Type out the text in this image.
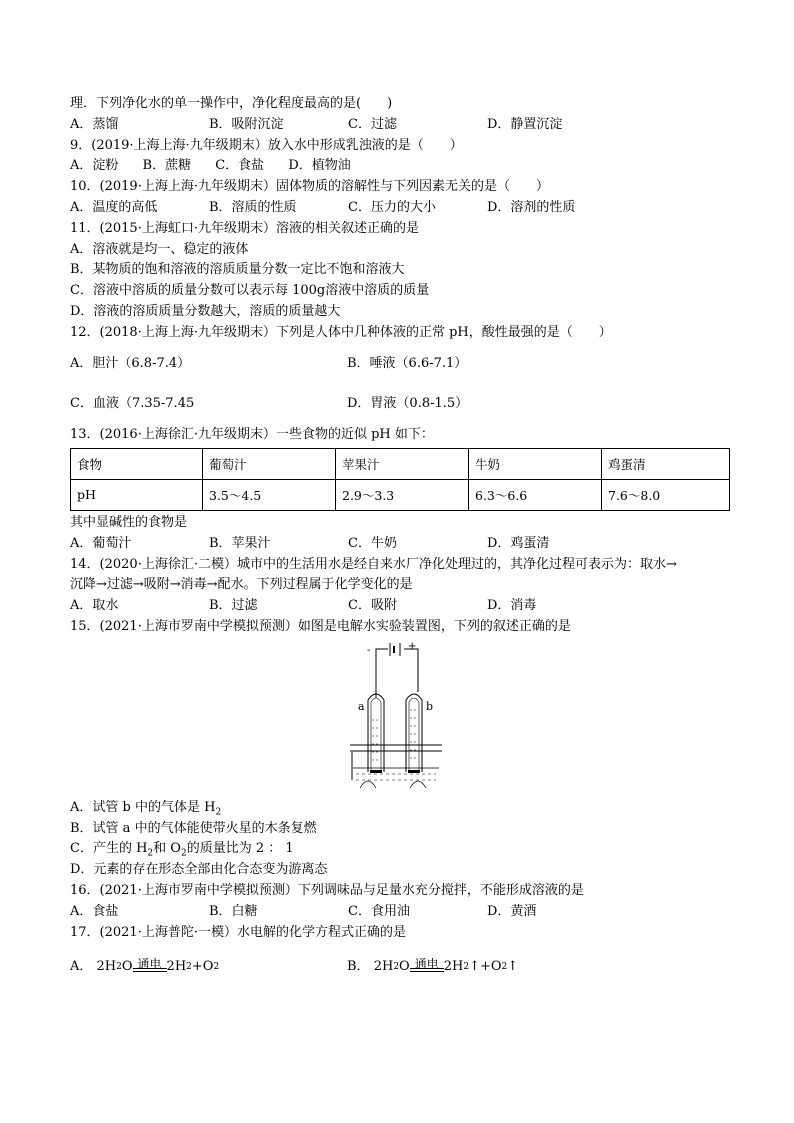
理．下列净化水的单一操作中，净化程度最高的是(　　)
A．蒸馏	B．吸附沉淀	C．过滤	D．静置沉淀
9．(2019·上海上海·九年级期末）放入水中形成乳浊液的是（　　）
A．淀粉 B．蔗糖 C．食盐 D．植物油
10．(2019·上海上海·九年级期末）固体物质的溶解性与下列因素无关的是（　　）
A．温度的高低	B．溶质的性质	C．压力的大小	D．溶剂的性质
11．(2015·上海虹口·九年级期末）溶液的相关叙述正确的是
A．溶液就是均一、稳定的液体
B．某物质的饱和溶液的溶质质量分数一定比不饱和溶液大
C．溶液中溶质的质量分数可以表示每 100g溶液中溶质的质量
D．溶液的溶质质量分数越大，溶质的质量越大
12．(2018·上海上海·九年级期末）下列是人体中几种体液的正常 pH，酸性最强的是（　　）
A．胆汁（6.8-7.4）	B．唾液（6.6-7.1）
C．血液（7.35-7.45	D．胃液（0.8-1.5）
13．(2016·上海徐汇·九年级期末）一些食物的近似 pH 如下：
食物	葡萄汁	苹果汁	牛奶	鸡蛋清
pH	3.5～4.5	2.9～3.3	6.3～6.6	7.6～8.0
其中显碱性的食物是
A．葡萄汁	B．苹果汁	C．牛奶	D．鸡蛋清
14．(2020·上海徐汇·二模）城市中的生活用水是经自来水厂净化处理过的，其净化过程可表示为：取水→
沉降→过滤→吸附→消毒→配水。下列过程属于化学变化的是
A．取水	B．过滤	C．吸附	D．消毒
15．(2021·上海市罗南中学模拟预测）如图是电解水实验装置图，下列的叙述正确的是
-	+
a	b
A．试管 b 中的气体是 $H_2$
B．试管 a 中的气体能使带火星的木条复燃
C．产生的 $H_2$和 $O_2$的质量比为 2 ： 1
D．元素的存在形态全部由化合态变为游离态
16．(2021·上海市罗南中学模拟预测）下列调味品与足量水充分搅拌，不能形成溶液的是
A．食盐	B．白糖	C．食用油	D．黄酒
17．(2021·上海普陀·一模）水电解的化学方程式正确的是
A．
2H 2 O 通电 2H 2 +O 2	B．
2H 2 O 通电 2H 2 ↑+O 2 ↑
